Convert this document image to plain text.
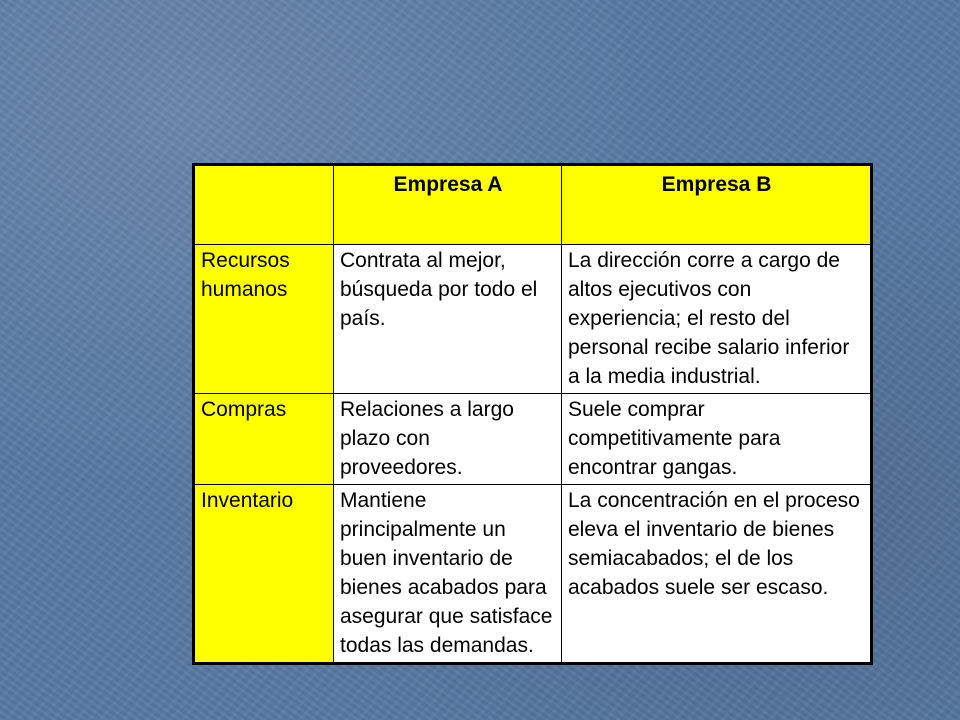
	Empresa A	Empresa B
Recursos humanos	Contrata al mejor, búsqueda por todo el país.	La dirección corre a cargo de altos ejecutivos con experiencia; el resto del personal recibe salario inferior a la media industrial.
Compras	Relaciones a largo plazo con proveedores.	Suele comprar competitivamente para encontrar gangas.
Inventario	Mantiene principalmente un buen inventario de bienes acabados para asegurar que satisface todas las demandas.	La concentración en el proceso eleva el inventario de bienes semiacabados; el de los acabados suele ser escaso.
